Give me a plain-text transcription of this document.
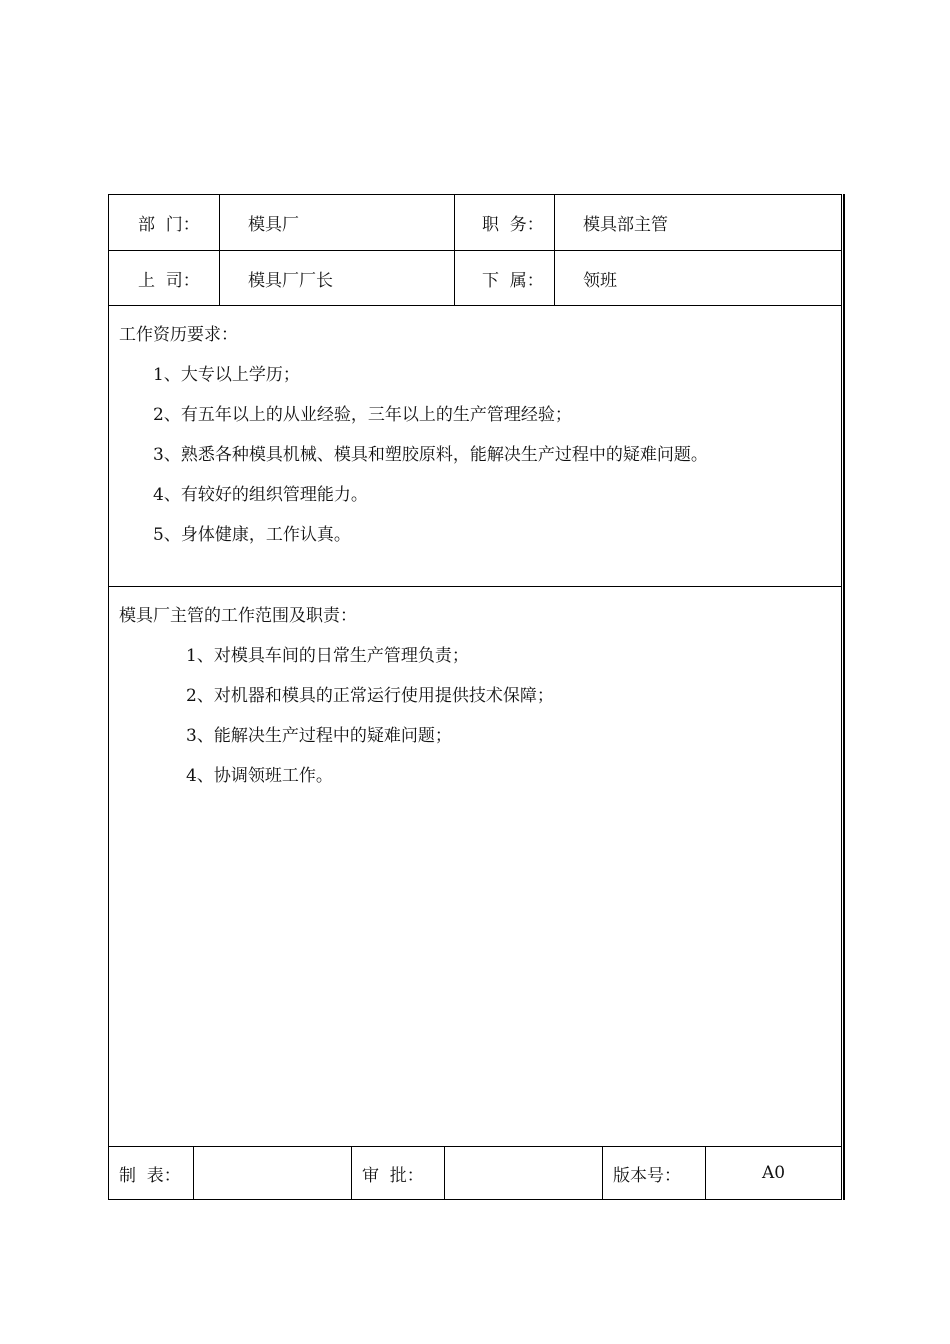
部  门：	模具厂	职  务： 模具部主管
上  司：	模具厂厂长	下  属： 领班
工作资历要求：
1、大专以上学历；
2、有五年以上的从业经验，三年以上的生产管理经验；
3、熟悉各种模具机械、模具和塑胶原料，能解决生产过程中的疑难问题。
4、有较好的组织管理能力。
5、身体健康，工作认真。
模具厂主管的工作范围及职责：
1、对模具车间的日常生产管理负责；
2、对机器和模具的正常运行使用提供技术保障；
3、能解决生产过程中的疑难问题；
4、协调领班工作。
制  表：	审  批：	版本号：	A0
